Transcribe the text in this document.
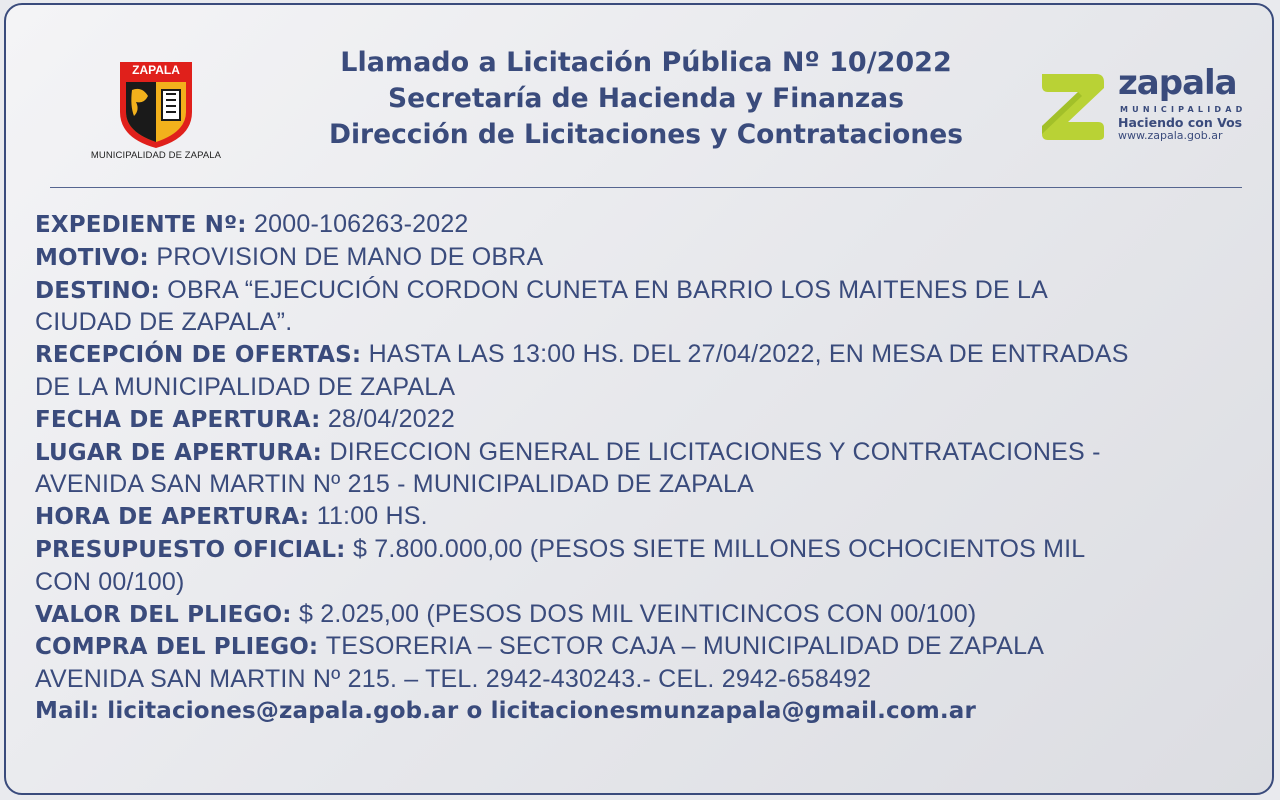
ZAPALA
MUNICIPALIDAD DE ZAPALA
Llamado a Licitación Pública Nº 10/2022
Secretaría de Hacienda y Finanzas
Dirección de Licitaciones y Contrataciones
zapala
MUNICIPALIDAD
Haciendo con Vos
www.zapala.gob.ar

EXPEDIENTE Nº: 2000-106263-2022

MOTIVO: PROVISION DE MANO DE OBRA

DESTINO: OBRA “EJECUCIÓN CORDON CUNETA EN BARRIO LOS MAITENES DE LA

CIUDAD DE ZAPALA”.

RECEPCIÓN DE OFERTAS: HASTA LAS 13:00 HS. DEL 27/04/2022, EN MESA DE ENTRADAS

DE LA MUNICIPALIDAD DE ZAPALA

FECHA DE APERTURA: 28/04/2022

LUGAR DE APERTURA: DIRECCION GENERAL DE LICITACIONES Y CONTRATACIONES -

AVENIDA SAN MARTIN Nº 215 - MUNICIPALIDAD DE ZAPALA

HORA DE APERTURA: 11:00 HS.

PRESUPUESTO OFICIAL: $ 7.800.000,00 (PESOS SIETE MILLONES OCHOCIENTOS MIL

CON 00/100)

VALOR DEL PLIEGO: $ 2.025,00 (PESOS DOS MIL VEINTICINCOS CON 00/100)

COMPRA DEL PLIEGO: TESORERIA – SECTOR CAJA – MUNICIPALIDAD DE ZAPALA

AVENIDA SAN MARTIN Nº 215. – TEL. 2942-430243.- CEL. 2942-658492

Mail: licitaciones@zapala.gob.ar o licitacionesmunzapala@gmail.com.ar
